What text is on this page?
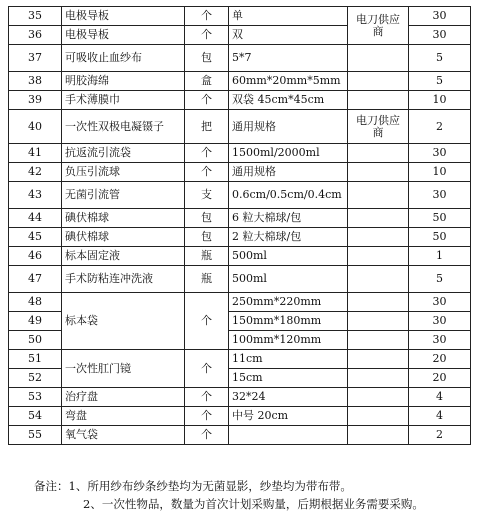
35	电极导板	个	单	电刀供应商	30
36	电极导板	个	双		30
37	可吸收止血纱布	包	5*7		5
38	明胶海绵	盒	60mm*20mm*5mm		5
39	手术薄膜巾	个	双袋 45cm*45cm		10
40	一次性双极电凝镊子	把	通用规格	电刀供应商	2
41	抗返流引流袋	个	1500ml/2000ml		30
42	负压引流球	个	通用规格		10
43	无菌引流管	支	0.6cm/0.5cm/0.4cm		30
44	碘伏棉球	包	6 粒大棉球/包		50
45	碘伏棉球	包	2 粒大棉球/包		50
46	标本固定液	瓶	500ml		1
47	手术防粘连冲洗液	瓶	500ml		5
48	标本袋	个	250mm*220mm		30
49			150mm*180mm		30
50			100mm*120mm		30
51	一次性肛门镜	个	11cm		20
52			15cm		20
53	治疗盘	个	32*24		4
54	弯盘	个	中号 20cm		4
55	氧气袋	个			2
备注：1、所用纱布纱条纱垫均为无菌显影，纱垫均为带布带。
2、一次性物品，数量为首次计划采购量，后期根据业务需要采购。
